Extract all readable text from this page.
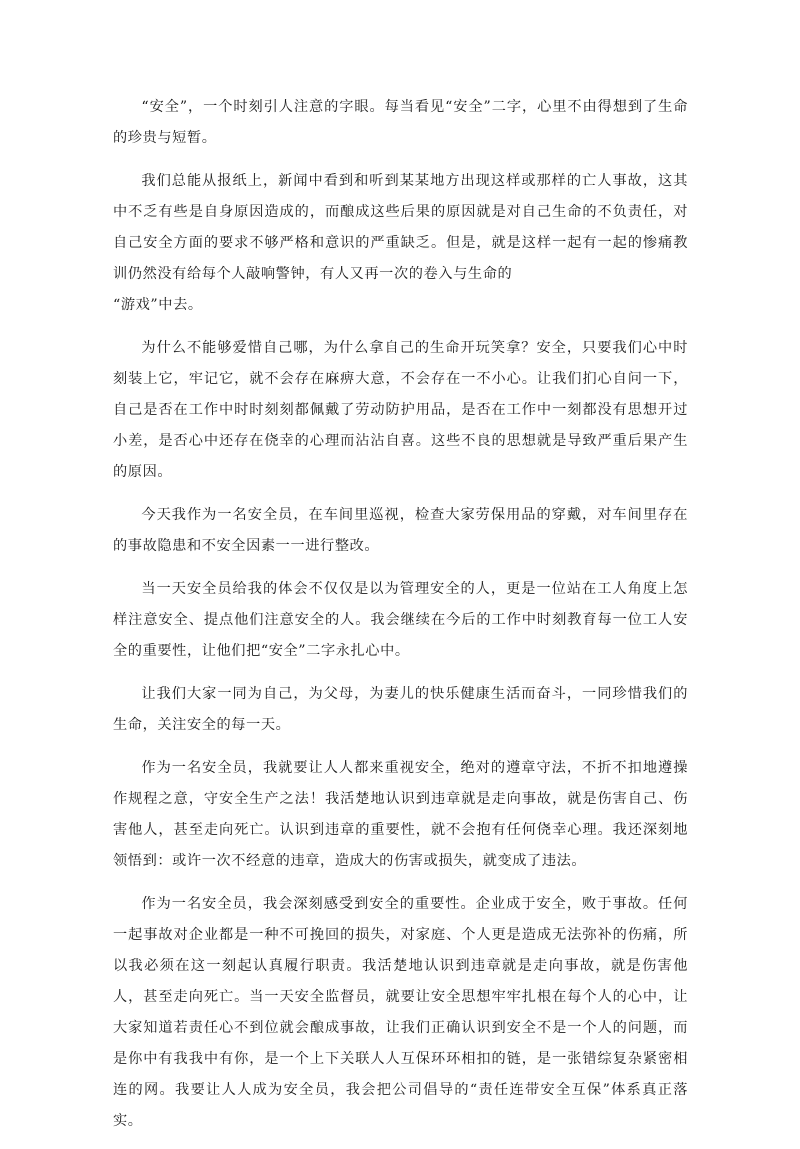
“安全”，一个时刻引人注意的字眼。每当看见“安全”二字，心里不由得想到了生命的珍贵与短暂。

我们总能从报纸上，新闻中看到和听到某某地方出现这样或那样的亡人事故，这其中不乏有些是自身原因造成的，而酿成这些后果的原因就是对自己生命的不负责任，对自己安全方面的要求不够严格和意识的严重缺乏。但是，就是这样一起有一起的惨痛教训仍然没有给每个人敲响警钟，有人又再一次的卷入与生命的

“游戏”中去。

为什么不能够爱惜自己哪，为什么拿自己的生命开玩笑拿？安全，只要我们心中时刻装上它，牢记它，就不会存在麻痹大意，不会存在一不小心。让我们扪心自问一下，自己是否在工作中时时刻刻都佩戴了劳动防护用品，是否在工作中一刻都没有思想开过小差，是否心中还存在侥幸的心理而沾沾自喜。这些不良的思想就是导致严重后果产生的原因。

今天我作为一名安全员，在车间里巡视，检查大家劳保用品的穿戴，对车间里存在的事故隐患和不安全因素一一进行整改。

当一天安全员给我的体会不仅仅是以为管理安全的人，更是一位站在工人角度上怎样注意安全、提点他们注意安全的人。我会继续在今后的工作中时刻教育每一位工人安全的重要性，让他们把“安全”二字永扎心中。

让我们大家一同为自己，为父母，为妻儿的快乐健康生活而奋斗，一同珍惜我们的生命，关注安全的每一天。

作为一名安全员，我就要让人人都来重视安全，绝对的遵章守法，不折不扣地遵操作规程之意，守安全生产之法！我活楚地认识到违章就是走向事故，就是伤害自己、伤害他人，甚至走向死亡。认识到违章的重要性，就不会抱有任何侥幸心理。我还深刻地领悟到：或许一次不经意的违章，造成大的伤害或损失，就变成了违法。

作为一名安全员，我会深刻感受到安全的重要性。企业成于安全，败于事故。任何一起事故对企业都是一种不可挽回的损失，对家庭、个人更是造成无法弥补的伤痛，所以我必须在这一刻起认真履行职责。我活楚地认识到违章就是走向事故，就是伤害他人，甚至走向死亡。当一天安全监督员，就要让安全思想牢牢扎根在每个人的心中，让大家知道若责任心不到位就会酿成事故，让我们正确认识到安全不是一个人的问题，而是你中有我我中有你，是一个上下关联人人互保环环相扣的链，是一张错综复杂紧密相连的网。我要让人人成为安全员，我会把公司倡导的“责任连带安全互保”体系真正落实。
